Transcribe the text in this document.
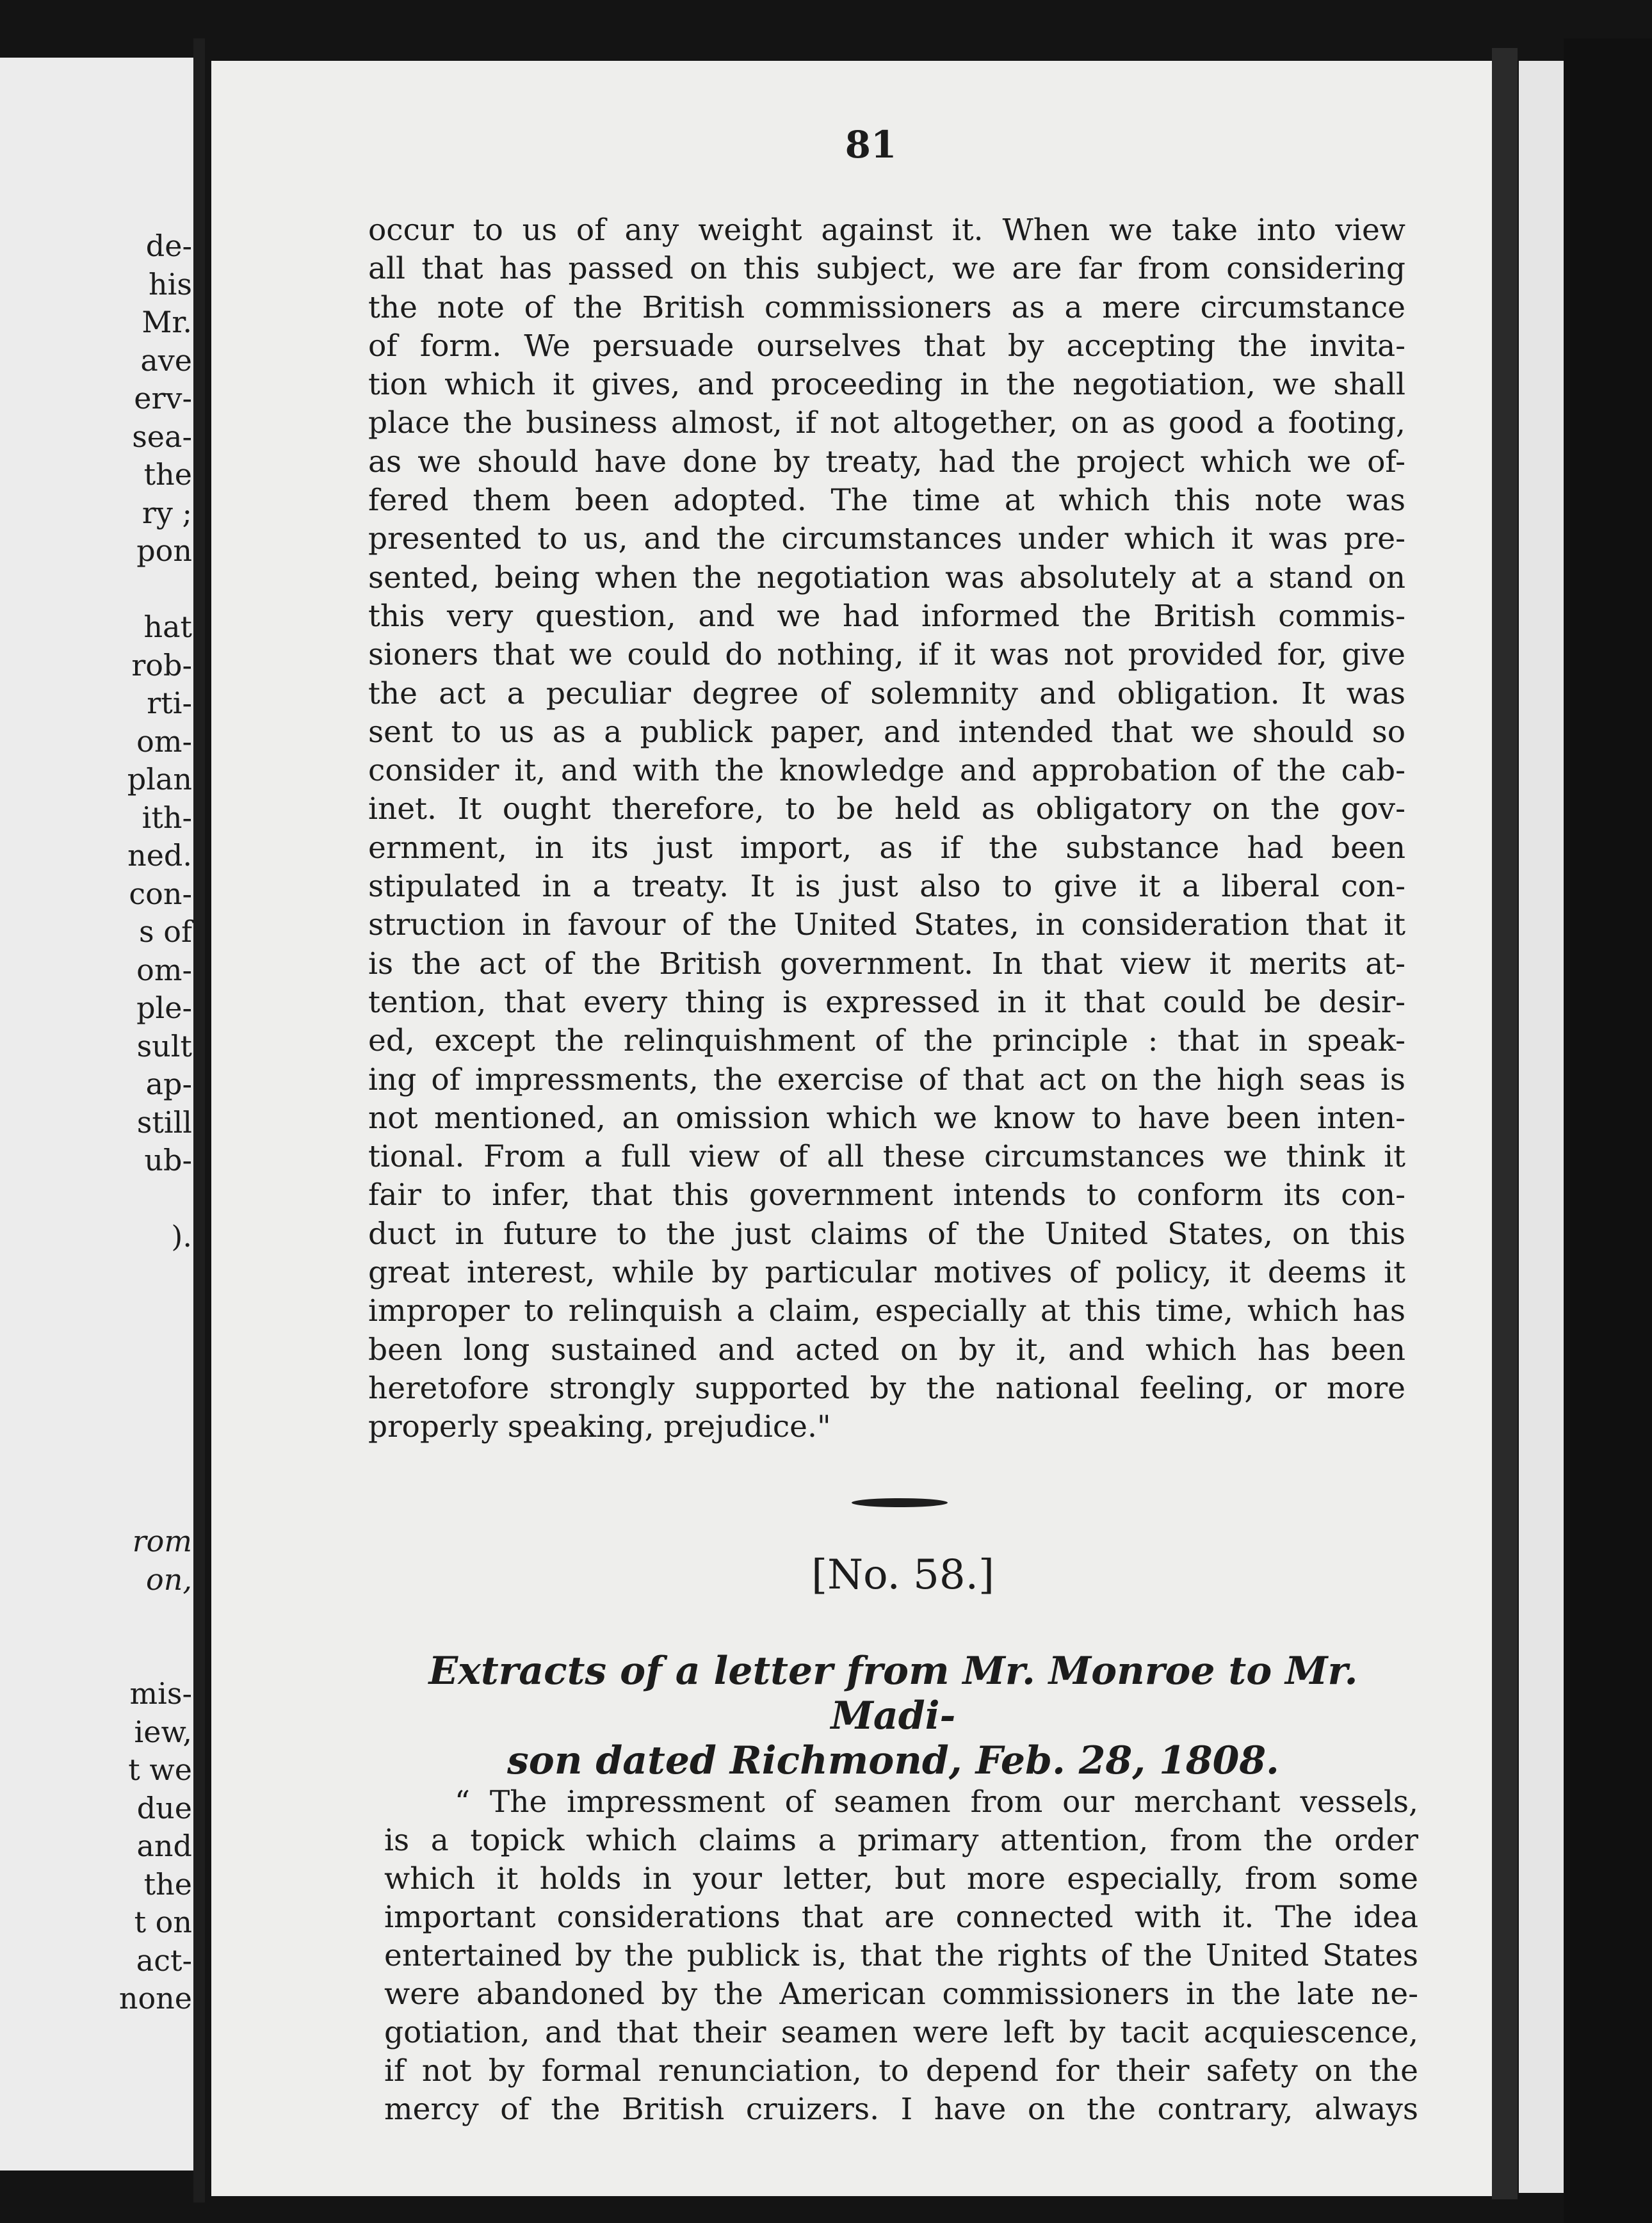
de-
his
Mr.
ave
erv-
sea-
the
ry ;
pon
hat
rob-
rti-
om-
plan
ith-
ned.
con-
s of
om-
ple-
sult
ap-
still
ub-
).
rom
on,
mis-
iew,
t we
due
and
the
t on
act-
none
81
occur to us of any weight against it. When we take into view
all that has passed on this subject, we are far from considering
the note of the British commissioners as a mere circumstance
of form. We persuade ourselves that by accepting the invita-
tion which it gives, and proceeding in the negotiation, we shall
place the business almost, if not altogether, on as good a footing,
as we should have done by treaty, had the project which we of-
fered them been adopted. The time at which this note was
presented to us, and the circumstances under which it was pre-
sented, being when the negotiation was absolutely at a stand on
this very question, and we had informed the British commis-
sioners that we could do nothing, if it was not provided for, give
the act a peculiar degree of solemnity and obligation. It was
sent to us as a publick paper, and intended that we should so
consider it, and with the knowledge and approbation of the cab-
inet. It ought therefore, to be held as obligatory on the gov-
ernment, in its just import, as if the substance had been
stipulated in a treaty. It is just also to give it a liberal con-
struction in favour of the United States, in consideration that it
is the act of the British government. In that view it merits at-
tention, that every thing is expressed in it that could be desir-
ed, except the relinquishment of the principle : that in speak-
ing of impressments, the exercise of that act on the high seas is
not mentioned, an omission which we know to have been inten-
tional. From a full view of all these circumstances we think it
fair to infer, that this government intends to conform its con-
duct in future to the just claims of the United States, on this
great interest, while by particular motives of policy, it deems it
improper to relinquish a claim, especially at this time, which has
been long sustained and acted on by it, and which has been
heretofore strongly supported by the national feeling, or more
properly speaking, prejudice."
[No. 58.]
Extracts of a letter from Mr. Monroe to Mr. Madi-
son dated Richmond, Feb. 28, 1808.
“ The impressment of seamen from our merchant vessels,
is a topick which claims a primary attention, from the order
which it holds in your letter, but more especially, from some
important considerations that are connected with it. The idea
entertained by the publick is, that the rights of the United States
were abandoned by the American commissioners in the late ne-
gotiation, and that their seamen were left by tacit acquiescence,
if not by formal renunciation, to depend for their safety on the
mercy of the British cruizers. I have on the contrary, always
